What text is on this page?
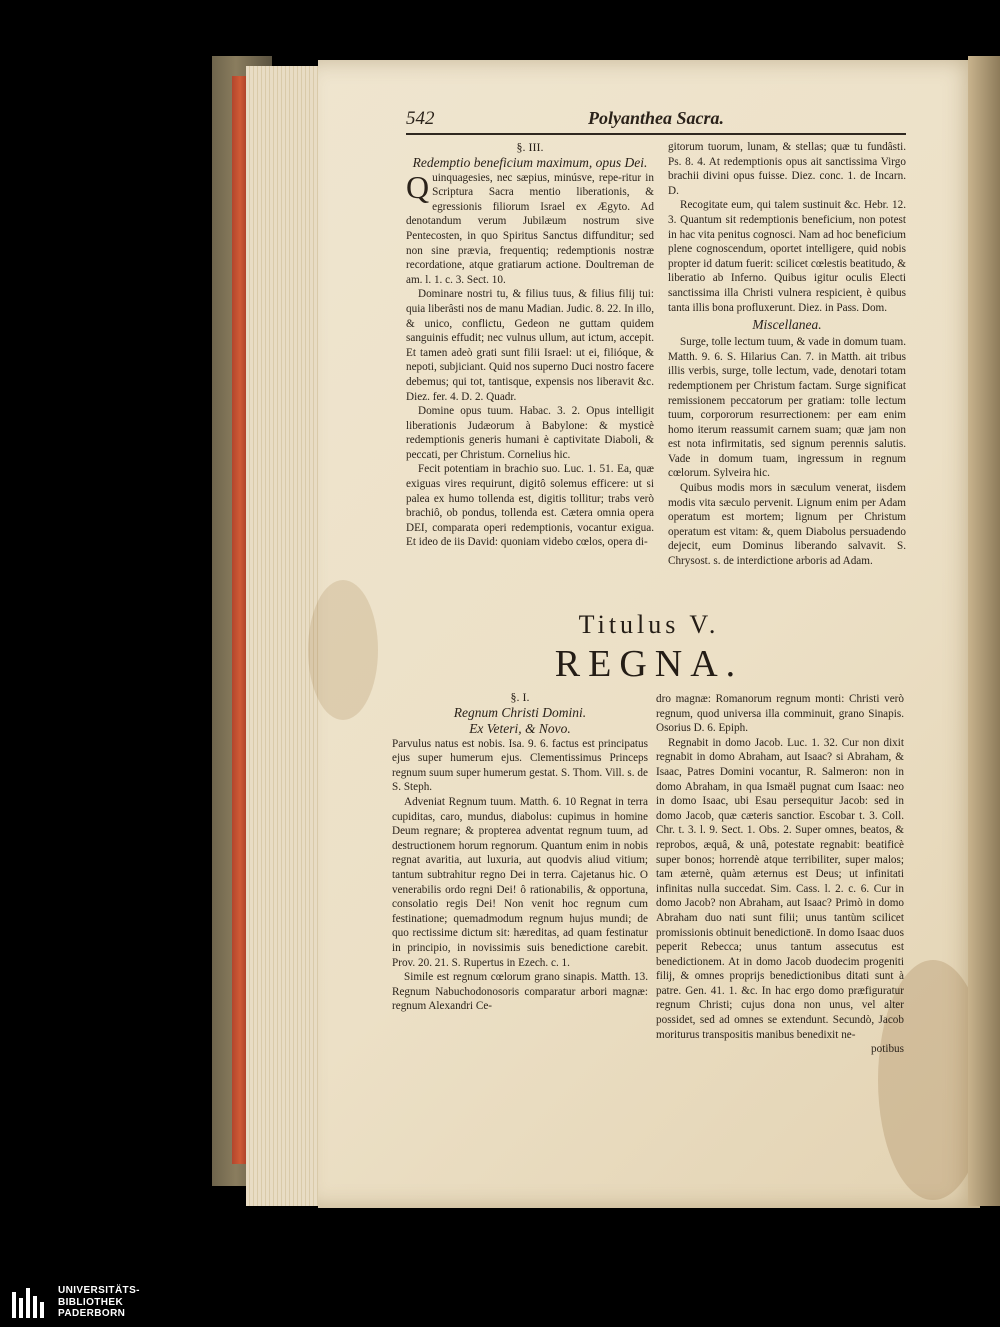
542	Polyanthea Sacra.
§. III.
Redemptio beneficium maximum, opus Dei.

Quinquagesies, nec sæpius, minúsve, repe-ritur in Scriptura Sacra mentio liberationis, & egressionis filiorum Israel ex Ægyto. Ad denotandum verum Jubilæum nostrum sive Pentecosten, in quo Spiritus Sanctus diffunditur; sed non sine prævia, frequentiq; redemptionis nostræ recordatione, atque gratiarum actione. Doultreman de am. l. 1. c. 3. Sect. 10.

Dominare nostri tu, & filius tuus, & filius filij tui: quia liberâsti nos de manu Madian. Judic. 8. 22. In illo, & unico, conflictu, Gedeon ne guttam quidem sanguinis effudit; nec vulnus ullum, aut ictum, accepit. Et tamen adeò grati sunt filii Israel: ut ei, filióque, & nepoti, subjiciant. Quid nos superno Duci nostro facere debemus; qui tot, tantisque, expensis nos liberavit &c. Diez. fer. 4. D. 2. Quadr.

Domine opus tuum. Habac. 3. 2. Opus intelligit liberationis Judæorum à Babylone: & mysticè redemptionis generis humani è captivitate Diaboli, & peccati, per Christum. Cornelius hic.

Fecit potentiam in brachio suo. Luc. 1. 51. Ea, quæ exiguas vires requirunt, digitô solemus efficere: ut si palea ex humo tollenda est, digitis tollitur; trabs verò brachiô, ob pondus, tollenda est. Cætera omnia opera DEI, comparata operi redemptionis, vocantur exigua. Et ideo de iis David: quoniam videbo cœlos, opera di-

gitorum tuorum, lunam, & stellas; quæ tu fundâsti. Ps. 8. 4. At redemptionis opus ait sanctissima Virgo brachii divini opus fuisse. Diez. conc. 1. de Incarn. D.

Recogitate eum, qui talem sustinuit &c. Hebr. 12. 3. Quantum sit redemptionis beneficium, non potest in hac vita penitus cognosci. Nam ad hoc beneficium plene cognoscendum, oportet intelligere, quid nobis propter id datum fuerit: scilicet cœlestis beatitudo, & liberatio ab Inferno. Quibus igitur oculis Electi sanctissima illa Christi vulnera respicient, è quibus tanta illis bona profluxerunt. Diez. in Pass. Dom.

Miscellanea.

Surge, tolle lectum tuum, & vade in domum tuam. Matth. 9. 6. S. Hilarius Can. 7. in Matth. ait tribus illis verbis, surge, tolle lectum, vade, denotari totam redemptionem per Christum factam. Surge significat remissionem peccatorum per gratiam: tolle lectum tuum, corpororum resurrectionem: per eam enim homo iterum reassumit carnem suam; quæ jam non est nota infirmitatis, sed signum perennis salutis. Vade in domum tuam, ingressum in regnum cœlorum. Sylveira hic.

Quibus modis mors in sæculum venerat, iisdem modis vita sæculo pervenit. Lignum enim per Adam operatum est mortem; lignum per Christum operatum est vitam: &, quem Diabolus persuadendo dejecit, eum Dominus liberando salvavit. S. Chrysost. s. de interdictione arboris ad Adam.

Titulus V.
REGNA.
§. I.
Regnum Christi Domini.
Ex Veteri, & Novo.

Parvulus natus est nobis. Isa. 9. 6. factus est principatus ejus super humerum ejus. Clementissimus Princeps regnum suum super humerum gestat. S. Thom. Vill. s. de S. Steph.

Adveniat Regnum tuum. Matth. 6. 10 Regnat in terra cupiditas, caro, mundus, diabolus: cupimus in homine Deum regnare; & propterea adventat regnum tuum, ad destructionem horum regnorum. Quantum enim in nobis regnat avaritia, aut luxuria, aut quodvis aliud vitium; tantum subtrahitur regno Dei in terra. Cajetanus hic. O venerabilis ordo regni Dei! ô rationabilis, & opportuna, consolatio regis Dei! Non venit hoc regnum cum festinatione; quemadmodum regnum hujus mundi; de quo rectissime dictum sit: hæreditas, ad quam festinatur in principio, in novissimis suis benedictione carebit. Prov. 20. 21. S. Rupertus in Ezech. c. 1.

Simile est regnum cœlorum grano sinapis. Matth. 13. Regnum Nabuchodonosoris comparatur arbori magnæ: regnum Alexandri Ce-

dro magnæ: Romanorum regnum monti: Christi verò regnum, quod universa illa comminuit, grano Sinapis. Osorius D. 6. Epiph.

Regnabit in domo Jacob. Luc. 1. 32. Cur non dixit regnabit in domo Abraham, aut Isaac? si Abraham, & Isaac, Patres Domini vocantur, R. Salmeron: non in domo Abraham, in qua Ismaël pugnat cum Isaac: neo in domo Isaac, ubi Esau persequitur Jacob: sed in domo Jacob, quæ cæteris sanctior. Escobar t. 3. Coll. Chr. t. 3. l. 9. Sect. 1. Obs. 2. Super omnes, beatos, & reprobos, æquâ, & unâ, potestate regnabit: beatificè super bonos; horrendè atque terribiliter, super malos; tam æternè, quàm æternus est Deus; ut infinitati infinitas nulla succedat. Sim. Cass. l. 2. c. 6. Cur in domo Jacob? non Abraham, aut Isaac? Primò in domo Abraham duo nati sunt filii; unus tantùm scilicet promissionis obtinuit benedictionē. In domo Isaac duos peperit Rebecca; unus tantum assecutus est benedictionem. At in domo Jacob duodecim progeniti filij, & omnes proprijs benedictionibus ditati sunt à patre. Gen. 41. 1. &c. In hac ergo domo præfiguratur regnum Christi; cujus dona non unus, vel alter possidet, sed ad omnes se extendunt. Secundò, Jacob moriturus transpositis manibus benedixit ne-

potibus
UNIVERSITÄTS-
BIBLIOTHEK
PADERBORN
